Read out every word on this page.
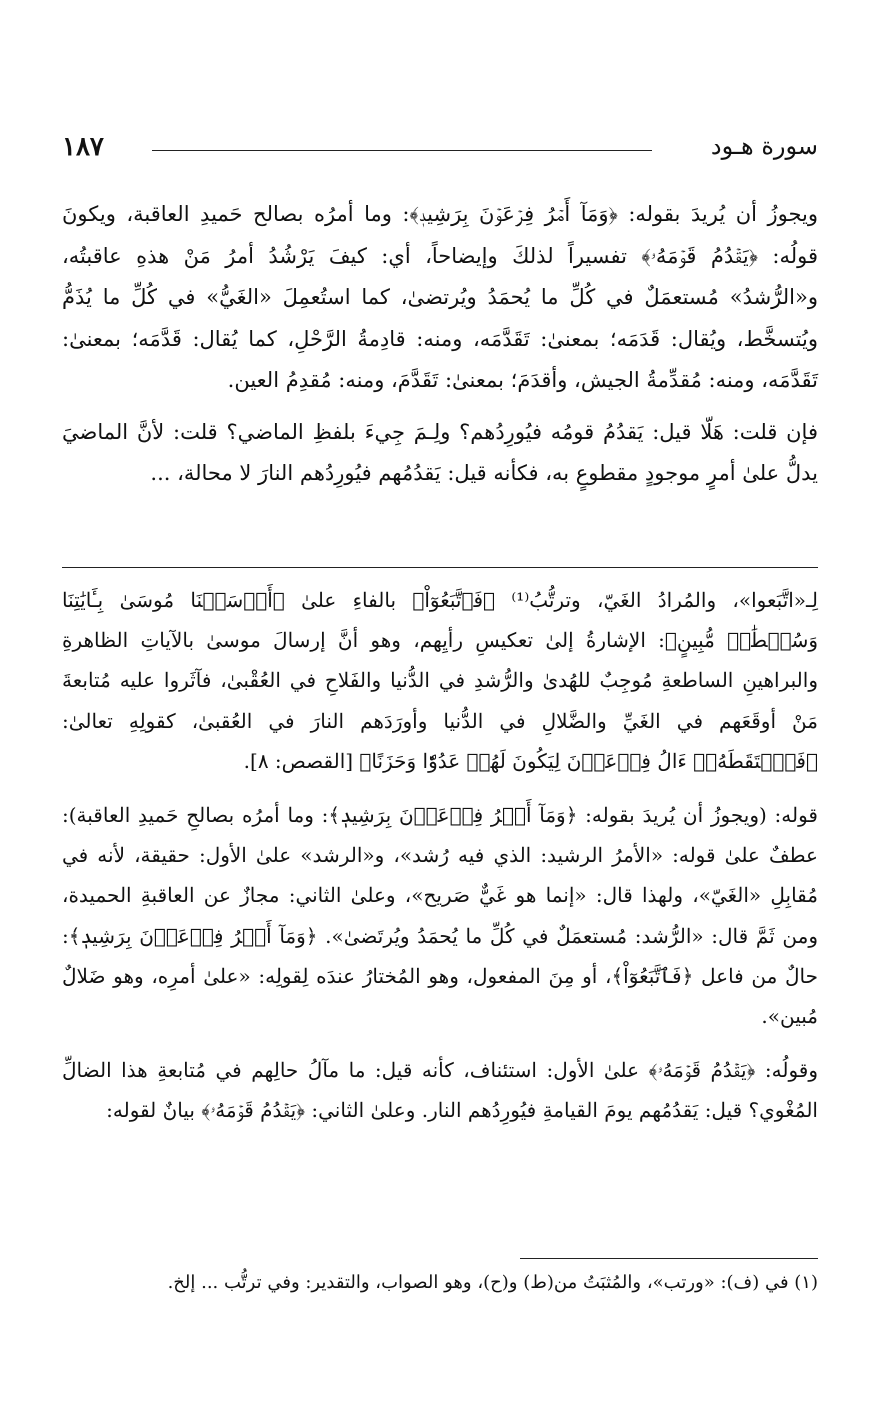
١٨٧	سورة هـود

ويجوزُ أن يُريدَ بقوله: ﴿وَمَآ أَمۡرُ فِرۡعَوۡنَ بِرَشِيدٖ﴾: وما أمرُه بصالح حَميدِ العاقبة، ويكونَ قولُه: ﴿يَقۡدُمُ قَوۡمَهُۥ﴾ تفسيراً لذلكَ وإيضاحاً، أي: كيفَ يَرْشُدُ أمرُ مَنْ هذهِ عاقبتُه، و«الرُّشدُ» مُستعمَلٌ في كُلِّ ما يُحمَدُ ويُرتضىٰ، كما استُعمِلَ «الغَيُّ» في كُلِّ ما يُذَمُّ ويُتسخَّط، ويُقال: قَدَمَه؛ بمعنىٰ: تَقَدَّمَه، ومنه: قادِمةُ الرَّحْلِ، كما يُقال: قَدَّمَه؛ بمعنىٰ: تَقَدَّمَه، ومنه: مُقدِّمةُ الجيش، وأقدَمَ؛ بمعنىٰ: تَقَدَّمَ، ومنه: مُقدِمُ العين.

فإن قلت: هَلّا قيل: يَقدُمُ قومُه فيُورِدُهم؟ ولِـمَ جِيءَ بلفظِ الماضي؟ قلت: لأنَّ الماضيَ يدلُّ علىٰ أمرٍ موجودٍ مقطوعٍ به، فكأنه قيل: يَقدُمُهم فيُورِدُهم النارَ لا محالة، ...

لِـ«اتَّبَعوا»، والمُرادُ الغَيّ، وترتُّبُ⁽¹⁾ ﴿فَٱتَّبَعُوٓاْ﴾ بالفاءِ علىٰ ﴿أَرۡسَلۡنَا مُوسَىٰ بِـَٔايَٰتِنَا وَسُلۡطَٰنٖ مُّبِينٍ﴾: الإشارةُ إلىٰ تعكيسِ رأيِهم، وهو أنَّ إرسالَ موسىٰ بالآياتِ الظاهرةِ والبراهينِ الساطعةِ مُوجِبٌ للهُدىٰ والرُّشدِ في الدُّنيا والفَلاحِ في العُقْبىٰ، فآثَروا عليه مُتابعةَ مَنْ أوقَعَهم في الغَيِّ والضَّلالِ في الدُّنيا وأورَدَهم النارَ في العُقبىٰ، كقولِهِ تعالىٰ: ﴿فَٱلۡتَقَطَهُۥٓ ءَالُ فِرۡعَوۡنَ لِيَكُونَ لَهُمۡ عَدُوّٗا وَحَزَنًا﴾ [القصص: ٨].

قوله: (ويجوزُ أن يُريدَ بقوله: ﴿وَمَآ أَمۡرُ فِرۡعَوۡنَ بِرَشِيدٖ﴾: وما أمرُه بصالحِ حَميدِ العاقبة): عطفٌ علىٰ قوله: «الأمرُ الرشيد: الذي فيه رُشد»، و«الرشد» علىٰ الأول: حقيقة، لأنه في مُقابِلِ «الغَيّ»، ولهذا قال: «إنما هو غَيٌّ صَريح»، وعلىٰ الثاني: مجازٌ عن العاقبةِ الحميدة، ومن ثَمَّ قال: «الرُّشد: مُستعمَلٌ في كُلِّ ما يُحمَدُ ويُرتَضىٰ». ﴿وَمَآ أَمۡرُ فِرۡعَوۡنَ بِرَشِيدٖ﴾: حالٌ من فاعل ﴿فَٱتَّبَعُوٓاْ﴾، أو مِنَ المفعول، وهو المُختارُ عندَه لِقولِه: «علىٰ أمرِه، وهو ضَلالٌ مُبين».

وقولُه: ﴿يَقۡدُمُ قَوۡمَهُۥ﴾ علىٰ الأول: استئناف، كأنه قيل: ما مآلُ حالِهم في مُتابعةِ هذا الضالِّ المُغْوي؟ قيل: يَقدُمُهم يومَ القيامةِ فيُورِدُهم النار. وعلىٰ الثاني: ﴿يَقۡدُمُ قَوۡمَهُۥ﴾ بيانٌ لقوله:

(١) في (ف): «ورتب»، والمُثبَتُ من(ط) و(ح)، وهو الصواب، والتقدير: وفي ترتُّب ... إلخ.
